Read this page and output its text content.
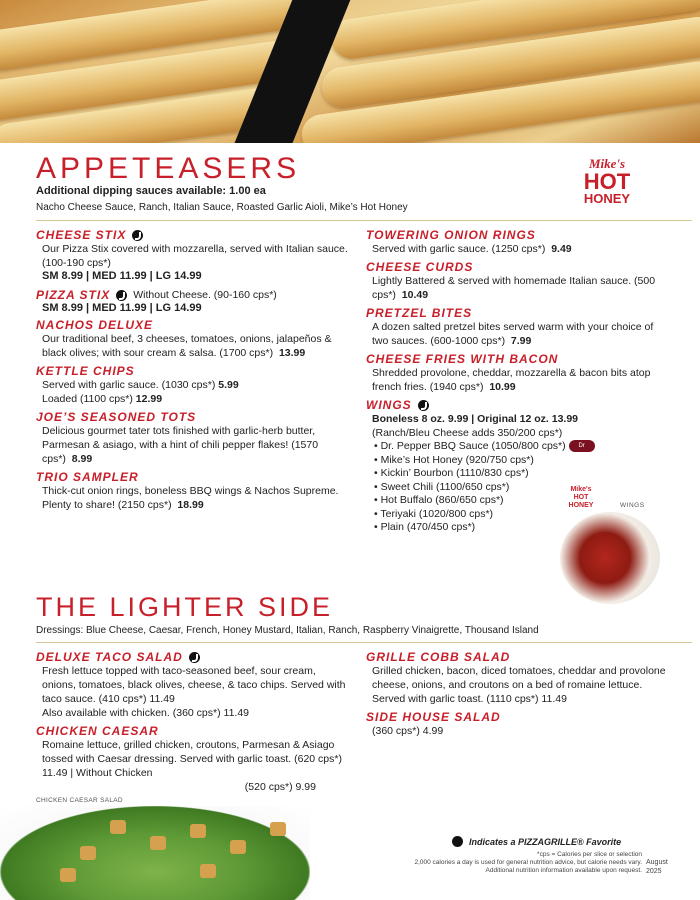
APPETEASERS	Mike's
HOT
HONEY
Additional dipping sauces available: 1.00 ea
Nacho Cheese Sauce, Ranch, Italian Sauce, Roasted Garlic Aioli, Mike’s Hot Honey
CHEESE STIX
Our Pizza Stix covered with mozzarella, served with Italian sauce. (100-190 cps*)
SM 8.99 | MED 11.99 | LG 14.99
PIZZA STIX Without Cheese. (90-160 cps*)
SM 8.99 | MED 11.99 | LG 14.99
NACHOS DELUXE
Our traditional beef, 3 cheeses, tomatoes, onions, jalapeños & black olives; with sour cream & salsa. (1700 cps*) 13.99
KETTLE CHIPS
Served with garlic sauce. (1030 cps*) 5.99
Loaded (1100 cps*) 12.99
JOE’S SEASONED TOTS
Delicious gourmet tater tots finished with garlic-herb butter, Parmesan & asiago, with a hint of chili pepper flakes! (1570 cps*) 8.99
TRIO SAMPLER
Thick-cut onion rings, boneless BBQ wings & Nachos Supreme. Plenty to share! (2150 cps*) 18.99
TOWERING ONION RINGS
Served with garlic sauce. (1250 cps*) 9.49
CHEESE CURDS
Lightly Battered & served with homemade Italian sauce. (500 cps*) 10.49
PRETZEL BITES
A dozen salted pretzel bites served warm with your choice of two sauces. (600-1000 cps*) 7.99
CHEESE FRIES WITH BACON
Shredded provolone, cheddar, mozzarella & bacon bits atop french fries. (1940 cps*) 10.99
WINGS
Boneless 8 oz. 9.99 | Original 12 oz. 13.99
(Ranch/Bleu Cheese adds 350/200 cps*)
• Dr. Pepper BBQ Sauce (1050/800 cps*) Dr Pepper
• Mike’s Hot Honey (920/750 cps*)
• Kickin’ Bourbon (1110/830 cps*)
• Sweet Chili (1100/650 cps*)
• Hot Buffalo (860/650 cps*)
• Teriyaki (1020/800 cps*)
• Plain (470/450 cps*)
Mike's
HOT
HONEY	WINGS
THE LIGHTER SIDE
Dressings: Blue Cheese, Caesar, French, Honey Mustard, Italian, Ranch, Raspberry Vinaigrette, Thousand Island
DELUXE TACO SALAD
Fresh lettuce topped with taco-seasoned beef, sour cream, onions, tomatoes, black olives, cheese, & taco chips. Served with taco sauce. (410 cps*) 11.49
Also available with chicken. (360 cps*) 11.49
CHICKEN CAESAR
Romaine lettuce, grilled chicken, croutons, Parmesan & Asiago tossed with Caesar dressing. Served with garlic toast. (620 cps*) 11.49 | Without Chicken
(520 cps*) 9.99
GRILLE COBB SALAD
Grilled chicken, bacon, diced tomatoes, cheddar and provolone cheese, onions, and croutons on a bed of romaine lettuce. Served with garlic toast. (1110 cps*) 11.49
SIDE HOUSE SALAD
(360 cps*) 4.99
CHICKEN CAESAR SALAD
Indicates a PIZZAGRILLE® Favorite
*cps = Calories per slice or selection
2,000 calories a day is used for general nutrition advice, but calorie needs vary.
Additional nutrition information available upon request.
August
2025
